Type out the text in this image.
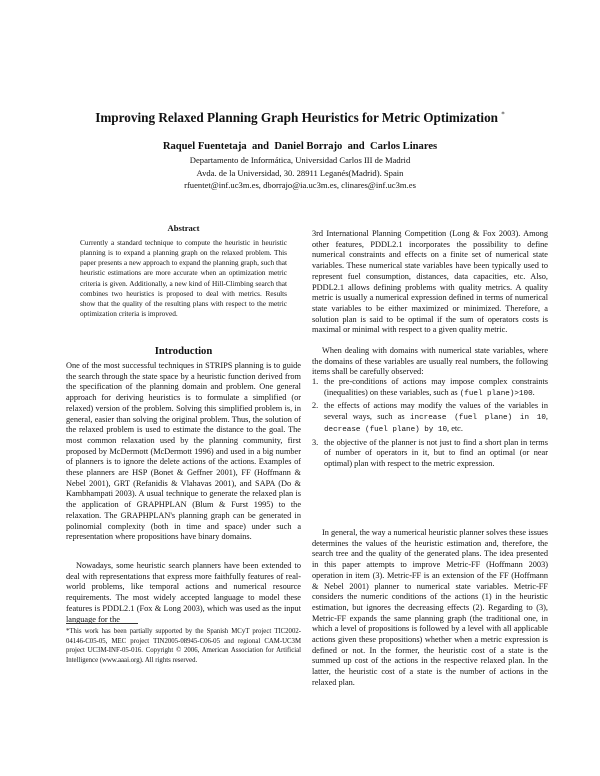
Improving Relaxed Planning Graph Heuristics for Metric Optimization *
Raquel Fuentetaja  and  Daniel Borrajo  and  Carlos Linares
Departamento de Informática, Universidad Carlos III de Madrid
Avda. de la Universidad, 30. 28911 Leganés(Madrid). Spain
rfuentet@inf.uc3m.es, dborrajo@ia.uc3m.es, clinares@inf.uc3m.es
Abstract

Currently a standard technique to compute the heuristic in heuristic planning is to expand a planning graph on the relaxed problem. This paper presents a new approach to expand the planning graph, such that heuristic estimations are more accurate when an optimization metric criteria is given. Additionally, a new kind of Hill-Climbing search that combines two heuristics is proposed to deal with metrics. Results show that the quality of the resulting plans with respect to the metric optimization criteria is improved.

Introduction

One of the most successful techniques in STRIPS planning is to guide the search through the state space by a heuristic function derived from the specification of the planning domain and problem. One general approach for deriving heuristics is to formulate a simplified (or relaxed) version of the problem. Solving this simplified problem is, in general, easier than solving the original problem. Thus, the solution of the relaxed problem is used to estimate the distance to the goal. The most common relaxation used by the planning community, first proposed by McDermott (McDermott 1996) and used in a big number of planners is to ignore the delete actions of the actions. Examples of these planners are HSP (Bonet & Geffner 2001), FF (Hoffmann & Nebel 2001), GRT (Refanidis & Vlahavas 2001), and SAPA (Do & Kambhampati 2003). A usual technique to generate the relaxed plan is the application of GRAPHPLAN (Blum & Furst 1995) to the relaxation. The GRAPHPLAN's planning graph can be generated in polinomial complexity (both in time and space) under such a representation where propositions have binary domains.

Nowadays, some heuristic search planners have been extended to deal with representations that express more faithfully features of real-world problems, like temporal actions and numerical resource requirements. The most widely accepted language to model these features is PDDL2.1 (Fox & Long 2003), which was used as the input language for the

*This work has been partially supported by the Spanish MCyT project TIC2002-04146-C05-05, MEC project TIN2005-08945-C06-05 and regional CAM-UC3M project UC3M-INF-05-016. Copyright © 2006, American Association for Artificial Intelligence (www.aaai.org). All rights reserved.

3rd International Planning Competition (Long & Fox 2003). Among other features, PDDL2.1 incorporates the possibility to define numerical constraints and effects on a finite set of numerical state variables. These numerical state variables have been typically used to represent fuel consumption, distances, data capacities, etc. Also, PDDL2.1 allows defining problems with quality metrics. A quality metric is usually a numerical expression defined in terms of numerical state variables to be either maximized or minimized. Therefore, a solution plan is said to be optimal if the sum of operators costs is maximal or minimal with respect to a given quality metric.

When dealing with domains with numerical state variables, where the domains of these variables are usually real numbers, the following items shall be carefully observed:

1. the pre-conditions of actions may impose complex constraints (inequalities) on these variables, such as (fuel plane)>100.
2. the effects of actions may modify the values of the variables in several ways, such as increase (fuel plane) in 10, decrease (fuel plane) by 10, etc.
3. the objective of the planner is not just to find a short plan in terms of number of operators in it, but to find an optimal (or near optimal) plan with respect to the metric expression.

In general, the way a numerical heuristic planner solves these issues determines the values of the heuristic estimation and, therefore, the search tree and the quality of the generated plans. The idea presented in this paper attempts to improve Metric-FF (Hoffmann 2003) operation in item (3). Metric-FF is an extension of the FF (Hoffmann & Nebel 2001) planner to numerical state variables. Metric-FF considers the numeric conditions of the actions (1) in the heuristic estimation, but ignores the decreasing effects (2). Regarding to (3), Metric-FF expands the same planning graph (the traditional one, in which a level of propositions is followed by a level with all applicable actions given these propositions) whether when a metric expression is defined or not. In the former, the heuristic cost of a state is the summed up cost of the actions in the respective relaxed plan. In the latter, the heuristic cost of a state is the number of actions in the relaxed plan.
